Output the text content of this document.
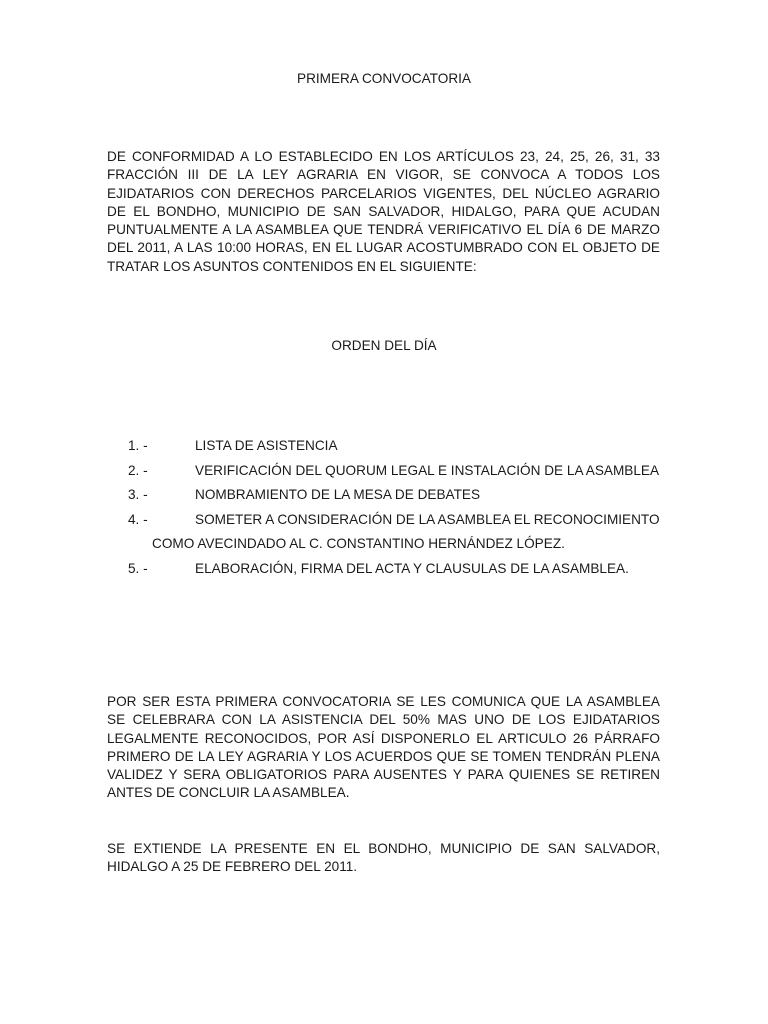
PRIMERA CONVOCATORIA

DE CONFORMIDAD A LO ESTABLECIDO EN LOS ARTÍCULOS 23, 24, 25, 26, 31, 33 FRACCIÓN III DE LA LEY AGRARIA EN VIGOR, SE CONVOCA A TODOS LOS EJIDATARIOS CON DERECHOS PARCELARIOS VIGENTES, DEL NÚCLEO AGRARIO DE EL BONDHO, MUNICIPIO DE SAN SALVADOR, HIDALGO, PARA QUE ACUDAN PUNTUALMENTE A LA ASAMBLEA QUE TENDRÁ VERIFICATIVO EL DÍA 6 DE MARZO DEL 2011, A LAS 10:00 HORAS, EN EL LUGAR ACOSTUMBRADO CON EL OBJETO DE TRATAR LOS ASUNTOS CONTENIDOS EN EL SIGUIENTE:

ORDEN DEL DÍA
1. -	LISTA DE ASISTENCIA
2. -	VERIFICACIÓN DEL QUORUM LEGAL E INSTALACIÓN DE LA ASAMBLEA
3. -	NOMBRAMIENTO DE LA MESA DE DEBATES
4. -	SOMETER A CONSIDERACIÓN DE LA ASAMBLEA EL RECONOCIMIENTO
COMO AVECINDADO AL C. CONSTANTINO HERNÁNDEZ LÓPEZ.
5. -	ELABORACIÓN, FIRMA DEL ACTA Y CLAUSULAS DE LA ASAMBLEA.

POR SER ESTA PRIMERA CONVOCATORIA SE LES COMUNICA QUE LA ASAMBLEA SE CELEBRARA CON LA ASISTENCIA DEL 50% MAS UNO DE LOS EJIDATARIOS LEGALMENTE RECONOCIDOS, POR ASÍ DISPONERLO EL ARTICULO 26 PÁRRAFO PRIMERO DE LA LEY AGRARIA Y LOS ACUERDOS QUE SE TOMEN TENDRÁN PLENA VALIDEZ Y SERA OBLIGATORIOS PARA AUSENTES Y PARA QUIENES SE RETIREN ANTES DE CONCLUIR LA ASAMBLEA.

SE EXTIENDE LA PRESENTE EN EL BONDHO, MUNICIPIO DE SAN SALVADOR, HIDALGO A 25 DE FEBRERO DEL 2011.
